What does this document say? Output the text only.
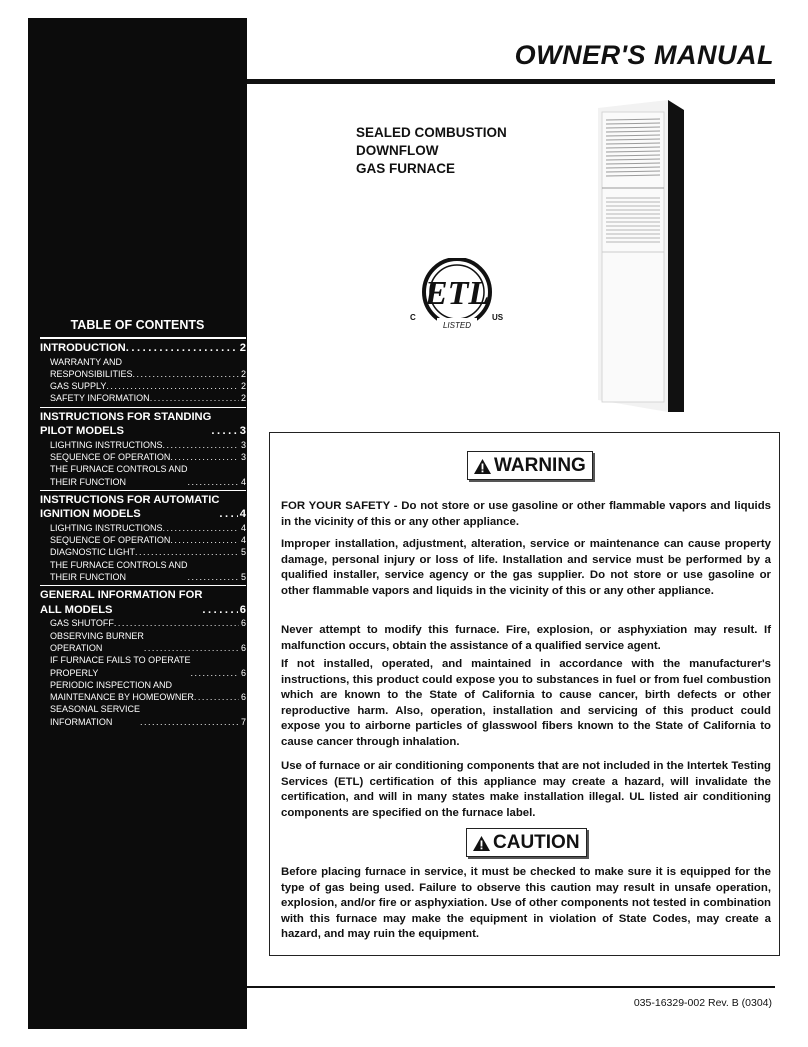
TABLE OF CONTENTS
INTRODUCTION .....	2
WARRANTY AND
RESPONSIBILITIES .....	2
GAS SUPPLY .....	2
SAFETY INFORMATION .....	2
INSTRUCTIONS FOR STANDING
PILOT MODELS .....	3
LIGHTING INSTRUCTIONS .....	3
SEQUENCE OF OPERATION .....	3
THE FURNACE CONTROLS AND
THEIR FUNCTION .....	4
INSTRUCTIONS FOR AUTOMATIC
IGNITION MODELS .....	4
LIGHTING INSTRUCTIONS .....	4
SEQUENCE OF OPERATION .....	4
DIAGNOSTIC LIGHT .....	5
THE FURNACE CONTROLS AND
THEIR FUNCTION .....	5
GENERAL INFORMATION FOR
ALL MODELS .....	6
GAS SHUTOFF .....	6
OBSERVING BURNER
OPERATION .....	6
IF FURNACE FAILS TO OPERATE
PROPERLY .....	6
PERIODIC INSPECTION AND
MAINTENANCE BY HOMEOWNER .....	6
SEASONAL SERVICE
INFORMATION .....	7
OWNER'S MANUAL
SEALED COMBUSTION
DOWNFLOW
GAS FURNACE
ETL
C	US
LISTED
WARNING
FOR YOUR SAFETY - Do not store or use gasoline or other flammable vapors and liquids in the vicinity of this or any other appliance.
Improper installation, adjustment, alteration, service or maintenance can cause property damage, personal injury or loss of life. Installation and service must be performed by a qualified installer, service agency or the gas supplier. Do not store or use gasoline or other flammable vapors and liquids in the vicinity of this or any other appliance.
Never attempt to modify this furnace. Fire, explosion, or asphyxiation may result. If malfunction occurs, obtain the assistance of a qualified service agent.
If not installed, operated, and maintained in accordance with the manufacturer's instructions, this product could expose you to substances in fuel or from fuel combustion which are known to the State of California to cause cancer, birth defects or other reproductive harm. Also, operation, installation and servicing of this product could expose you to airborne particles of glasswool fibers known to the State of California to cause cancer through inhalation.
Use of furnace or air conditioning components that are not included in the Intertek Testing Services (ETL) certification of this appliance may create a hazard, will invalidate the certification, and will in many states make installation illegal. UL listed air conditioning components are specified on the furnace label.
CAUTION
Before placing furnace in service, it must be checked to make sure it is equipped for the type of gas being used. Failure to observe this caution may result in unsafe operation, explosion, and/or fire or asphyxiation. Use of other components not tested in combination with this furnace may make the equipment in violation of State Codes, may create a hazard, and may ruin the equipment.
035-16329-002 Rev. B (0304)
